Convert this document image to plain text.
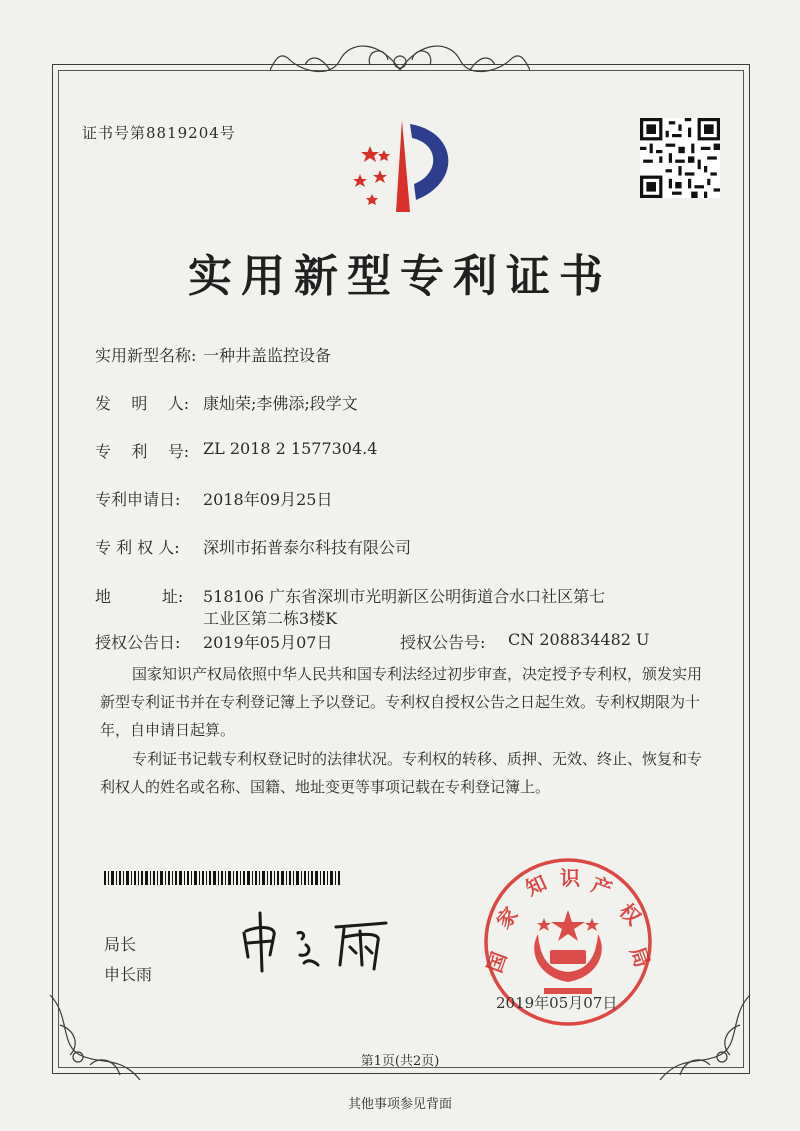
证书号第8819204号
实用新型专利证书
实用新型名称: 一种井盖监控设备
发    明    人: 康灿荣;李佛添;段学文
专    利    号: ZL 2018 2 1577304.4
专利申请日: 2018年09月25日
专 利 权 人: 深圳市拓普泰尔科技有限公司
地          址: 518106 广东省深圳市光明新区公明街道合水口社区第七
工业区第二栋3楼K
授权公告日: 2019年05月07日	授权公告号: CN 208834482 U
国家知识产权局依照中华人民共和国专利法经过初步审查，决定授予专利权，颁发实用新型专利证书并在专利登记簿上予以登记。专利权自授权公告之日起生效。专利权期限为十年，自申请日起算。
专利证书记载专利权登记时的法律状况。专利权的转移、质押、无效、终止、恢复和专利权人的姓名或名称、国籍、地址变更等事项记载在专利登记簿上。
局长
申长雨	国
家
知 识 产
权
局
2019年05月07日
第1页(共2页)
其他事项参见背面
